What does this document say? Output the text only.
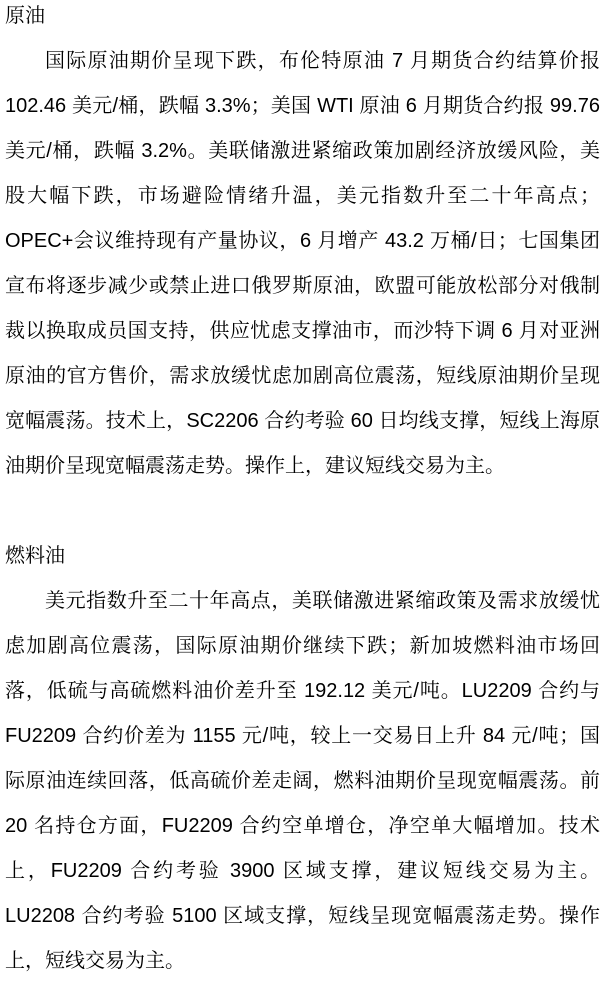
原油

国际原油期价呈现下跌，布伦特原油 7 月期货合约结算价报 102.46 美元/桶，跌幅 3.3%；美国 WTI 原油 6 月期货合约报 99.76 美元/桶，跌幅 3.2%。美联储激进紧缩政策加剧经济放缓风险，美股大幅下跌，市场避险情绪升温，美元指数升至二十年高点；OPEC+会议维持现有产量协议，6 月增产 43.2 万桶/日；七国集团宣布将逐步减少或禁止进口俄罗斯原油，欧盟可能放松部分对俄制裁以换取成员国支持，供应忧虑支撑油市，而沙特下调 6 月对亚洲原油的官方售价，需求放缓忧虑加剧高位震荡，短线原油期价呈现宽幅震荡。技术上，SC2206 合约考验 60 日均线支撑，短线上海原油期价呈现宽幅震荡走势。操作上，建议短线交易为主。

燃料油

美元指数升至二十年高点，美联储激进紧缩政策及需求放缓忧虑加剧高位震荡，国际原油期价继续下跌；新加坡燃料油市场回落，低硫与高硫燃料油价差升至 192.12 美元/吨。LU2209 合约与 FU2209 合约价差为 1155 元/吨，较上一交易日上升 84 元/吨；国际原油连续回落，低高硫价差走阔，燃料油期价呈现宽幅震荡。前 20 名持仓方面，FU2209 合约空单增仓，净空单大幅增加。技术上，FU2209 合约考验 3900 区域支撑，建议短线交易为主。LU2208 合约考验 5100 区域支撑，短线呈现宽幅震荡走势。操作上，短线交易为主。
